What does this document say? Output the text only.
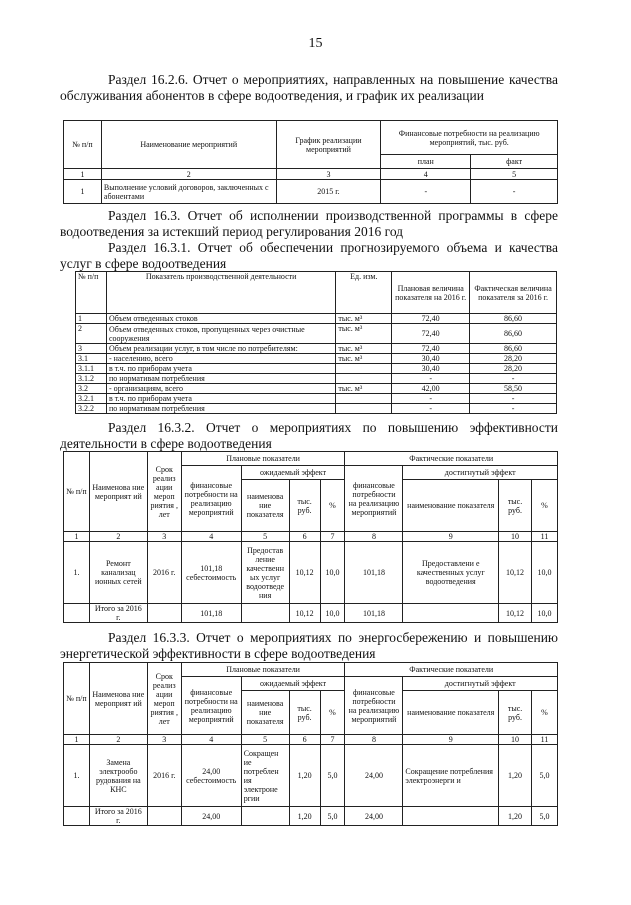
15
Раздел 16.2.6. Отчет о мероприятиях, направленных на повышение качества обслуживания абонентов в сфере водоотведения, и график их реализации
№ п/п	Наименование мероприятий	График реализации мероприятий	Финансовые потребности на реализацию мероприятий, тыс. руб.	
			план	факт
1	2	3	4	5
1	Выполнение условий договоров, заключенных с абонентами	2015 г.	-	-
Раздел 16.3. Отчет об исполнении производственной программы в сфере водоотведения за истекший период регулирования 2016 год
Раздел 16.3.1. Отчет об обеспечении прогнозируемого объема и качества услуг в сфере водоотведения
№ п/п	Показатель производственной деятельности	Ед. изм.	Плановая величина показателя на 2016 г.	Фактическая величина показателя за 2016 г.
1	Объем отведенных стоков	тыс. м³	72,40	86,60
2	Объем отведенных стоков, пропущенных через очистные сооружения	тыс. м³	72,40	86,60
3	Объем реализации услуг, в том числе по потребителям:	тыс. м³	72,40	86,60
3.1	- населению, всего	тыс. м³	30,40	28,20
3.1.1	в т.ч. по приборам учета		30,40	28,20
3.1.2	по нормативам потребления		-	-
3.2	- организациям, всего	тыс. м³	42,00	58,50
3.2.1	в т.ч. по приборам учета		-	-
3.2.2	по нормативам потребления		-	-
Раздел 16.3.2. Отчет о мероприятиях по повышению эффективности деятельности в сфере водоотведения
№ п/п	Наименова ние мероприят ий	Срок реализ ации мероп риятия , лет	Плановые показатели				Фактические показатели			
			финансовые потребности на реализацию мероприятий	ожидаемый эффект			финансовые потребности на реализацию мероприятий	достигнутый эффект		
				наименова ние показателя	тыс. руб.	%		наименование показателя	тыс. руб.	%
1	2	3	4	5	6	7	8	9	10	11
1.	Ремонт канализац ионных сетей	2016 г.	101,18 себестоимость	Предостав ление качественн ых услуг водоотведе ния	10,12	10,0	101,18	Предоставлени е качественных услуг водоотведения	10,12	10,0
	Итого за 2016 г.		101,18		10,12	10,0	101,18		10,12	10,0
Раздел 16.3.3. Отчет о мероприятиях по энергосбережению и повышению энергетической эффективности в сфере водоотведения
№ п/п	Наименова ние мероприят ий	Срок реализ ации мероп риятия , лет	Плановые показатели				Фактические показатели			
			финансовые потребности на реализацию мероприятий	ожидаемый эффект			финансовые потребности на реализацию мероприятий	достигнутый эффект		
				наименова ние показателя	тыс. руб.	%		наименование показателя	тыс. руб.	%
1	2	3	4	5	6	7	8	9	10	11
1.	Замена электрообо рудования на КНС	2016 г.	24,00 себестоимость	Сокращен ие потреблен ия электроне ргии	1,20	5,0	24,00	Сокращение потребления электроэнерги и	1,20	5,0
	Итого за 2016 г.		24,00		1,20	5,0	24,00		1,20	5,0
